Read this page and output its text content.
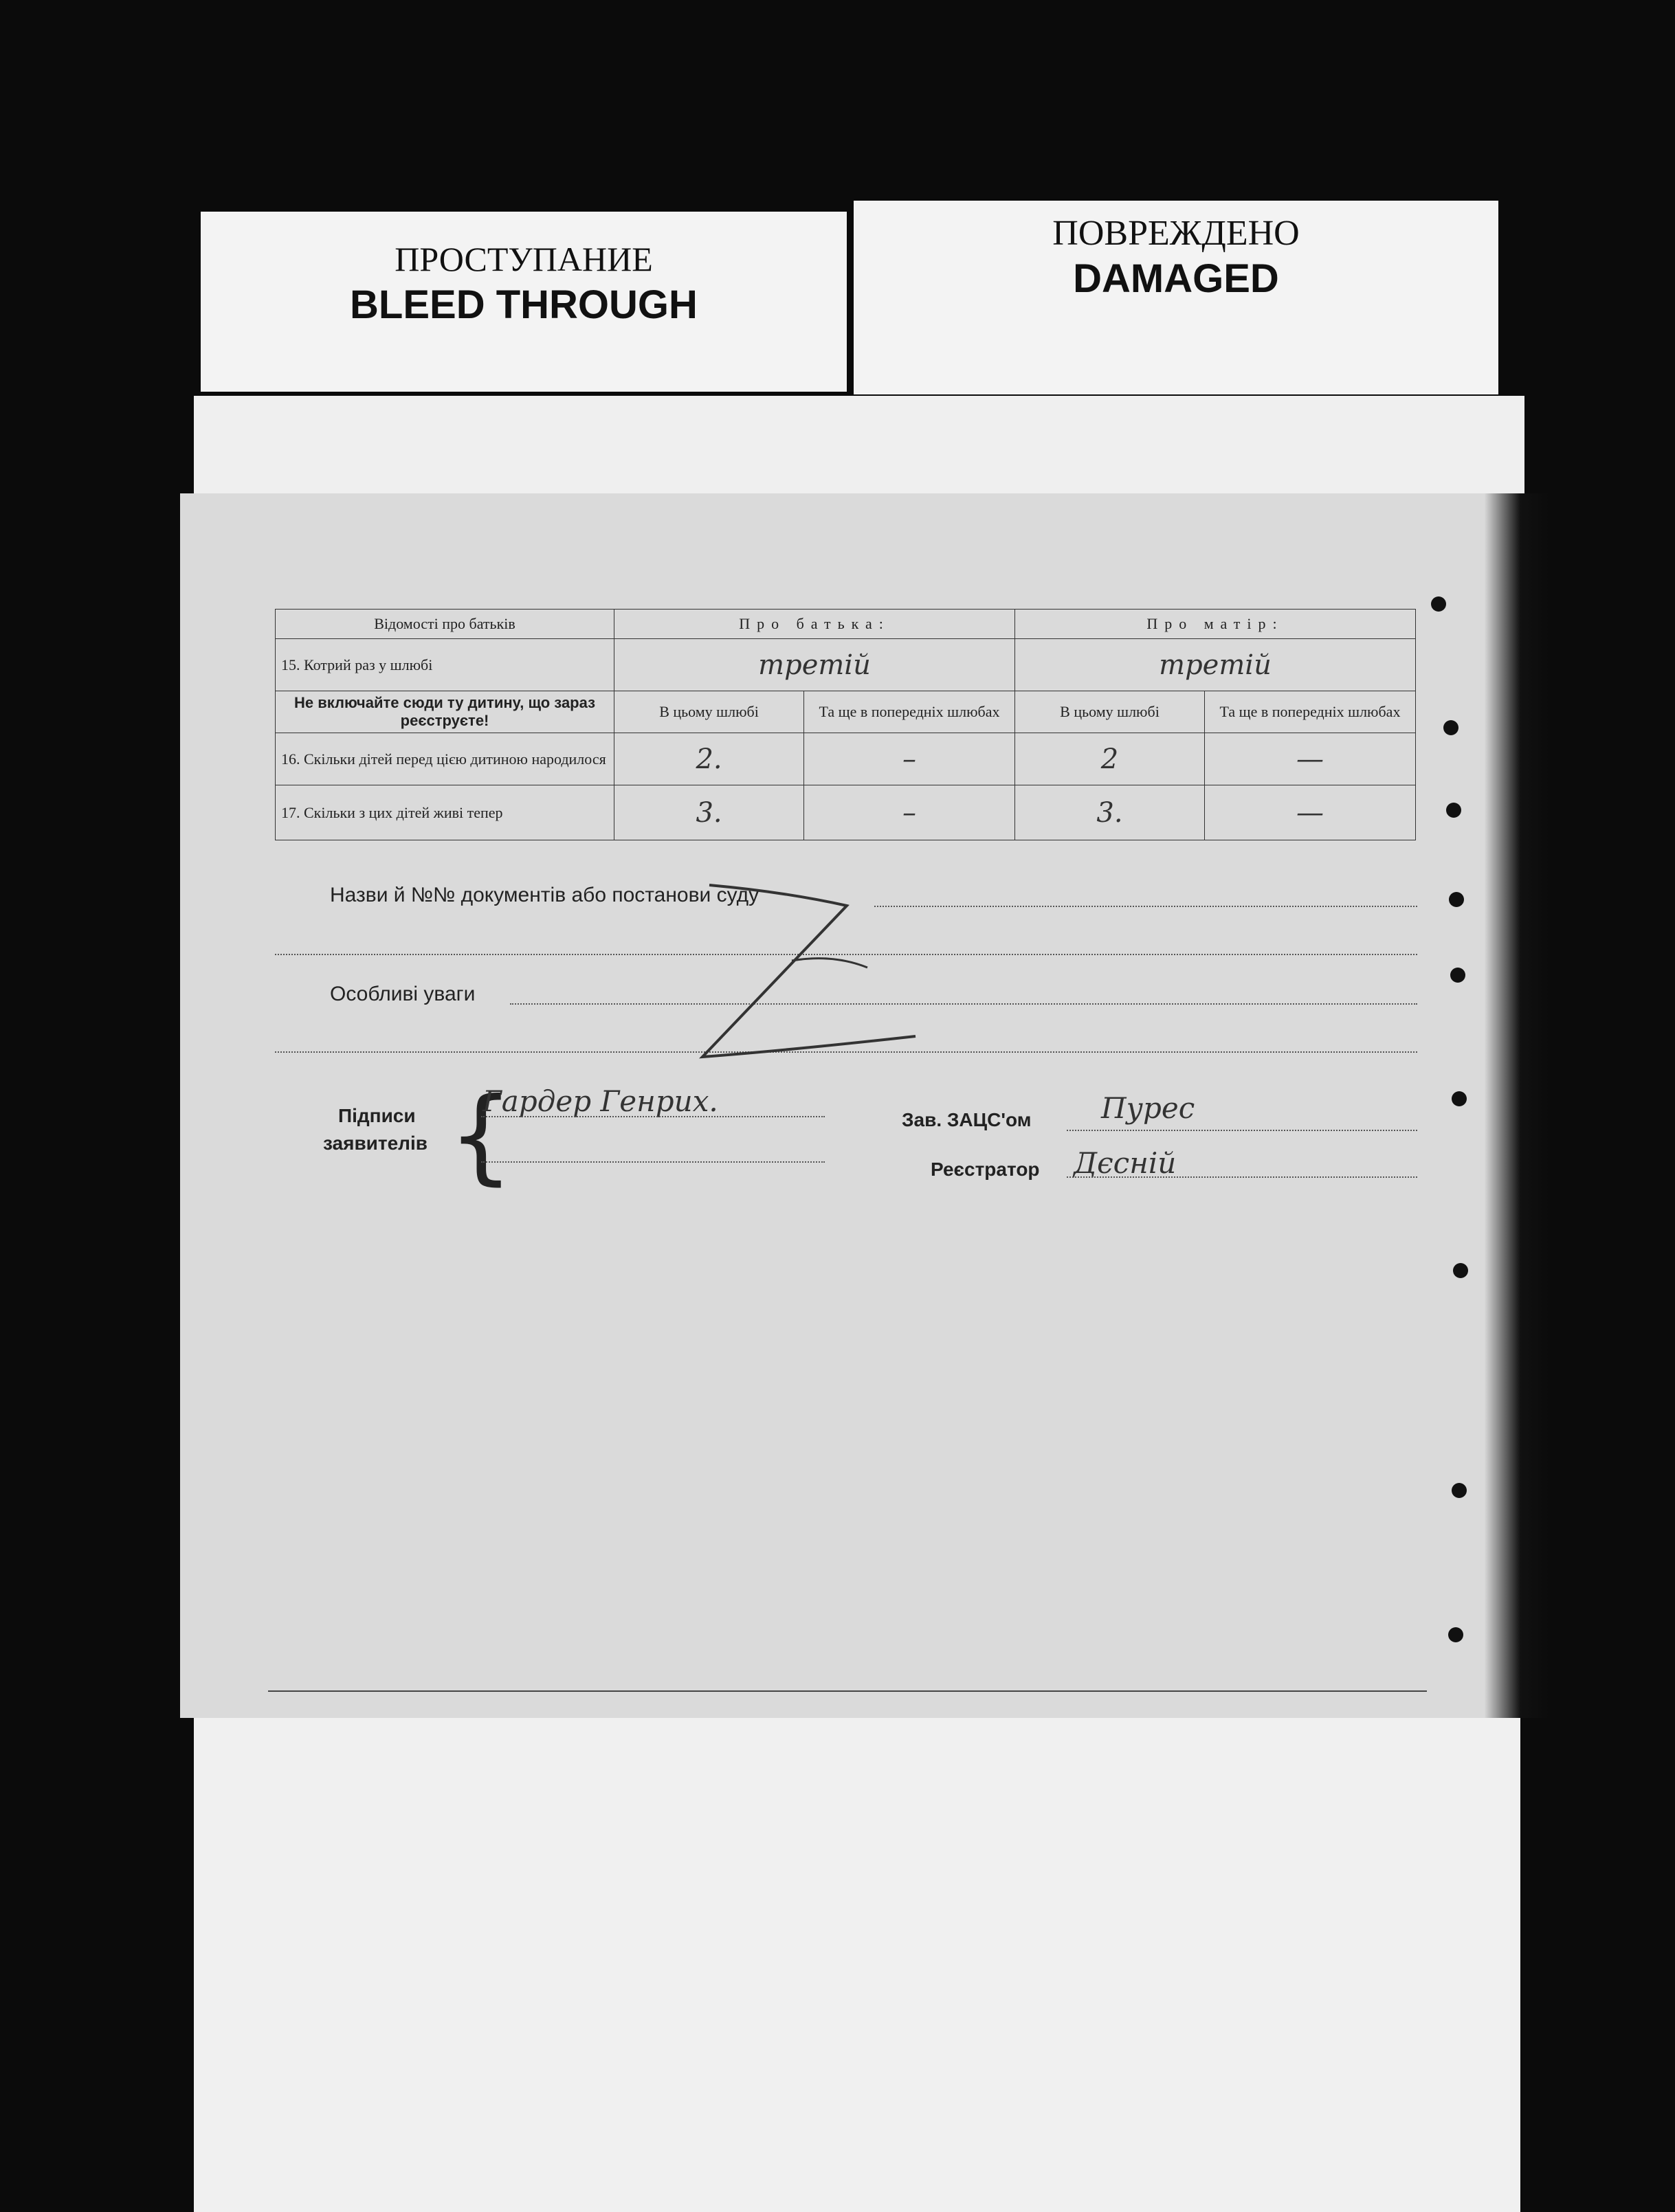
ПРОСТУПАНИЕ
BLEED THROUGH
ПОВРЕЖДЕНО
DAMAGED
Відомості про батьків	Про батька:		Про матір:	
15. Котрий раз у шлюбі	третій		третій	
Не включайте сюди ту дитину, що зараз реєструєте!	В цьому шлюбі	Та ще в попередніх шлюбах	В цьому шлюбі	Та ще в попередніх шлюбах
16. Скільки дітей перед цією дитиною народилося	2.	–	2	—
17. Скільки з цих дітей живі тепер	3.	–	3.	—
Назви й №№ документів або постанови суду
Особливі уваги
Підписи
заявителів {
Гардер Генрих.
Зав. ЗАЦС'ом Пурес
Реєстратор Дєсній
